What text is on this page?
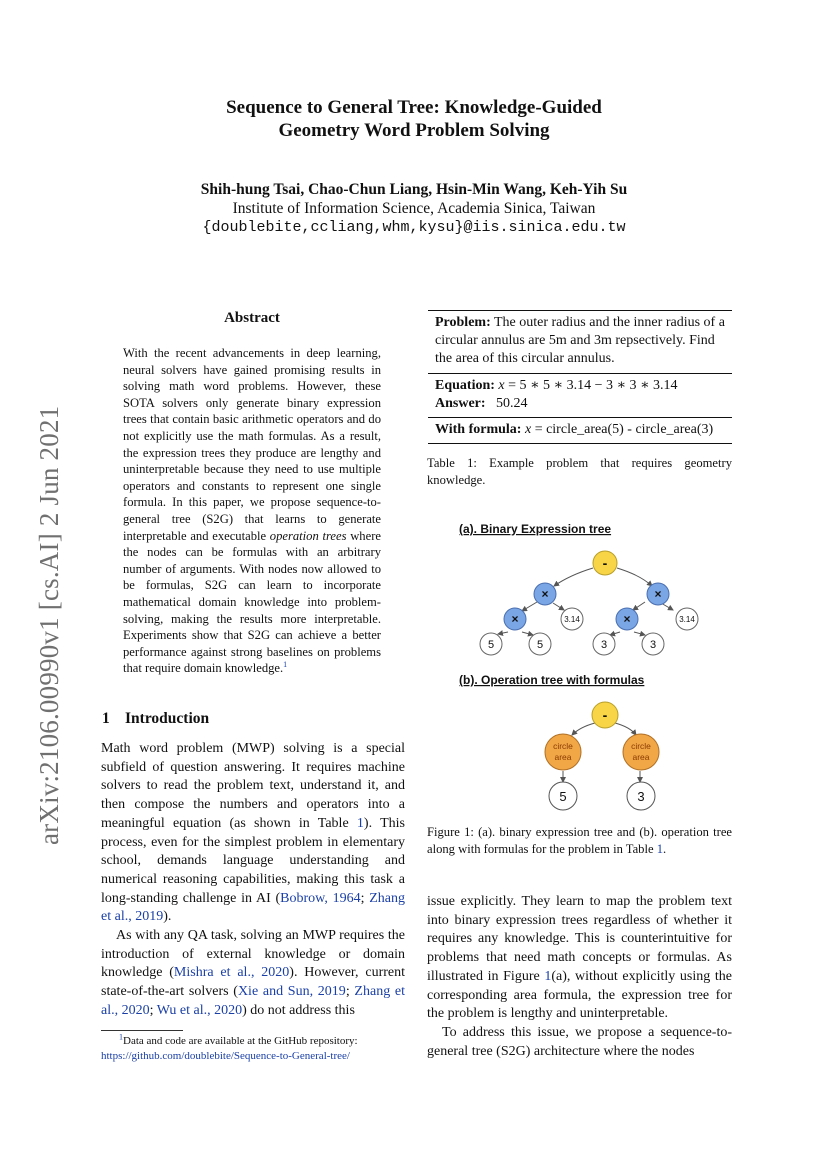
Sequence to General Tree: Knowledge-Guided
Geometry Word Problem Solving
Shih-hung Tsai, Chao-Chun Liang, Hsin-Min Wang, Keh-Yih Su
Institute of Information Science, Academia Sinica, Taiwan
{doublebite,ccliang,whm,kysu}@iis.sinica.edu.tw
arXiv:2106.00990v1 [cs.AI] 2 Jun 2021
Abstract
With the recent advancements in deep learning, neural solvers have gained promising results in solving math word problems. However, these SOTA solvers only generate binary expression trees that contain basic arithmetic operators and do not explicitly use the math formulas. As a result, the expression trees they produce are lengthy and uninterpretable because they need to use multiple operators and constants to represent one single formula. In this paper, we propose sequence-to-general tree (S2G) that learns to generate interpretable and executable operation trees where the nodes can be formulas with an arbitrary number of arguments. With nodes now allowed to be formulas, S2G can learn to incorporate mathematical domain knowledge into problem-solving, making the results more interpretable. Experiments show that S2G can achieve a better performance against strong baselines on problems that require domain knowledge.$^1$
1 Introduction

Math word problem (MWP) solving is a special subfield of question answering. It requires machine solvers to read the problem text, understand it, and then compose the numbers and operators into a meaningful equation (as shown in Table 1). This process, even for the simplest problem in elementary school, demands language understanding and numerical reasoning capabilities, making this task a long-standing challenge in AI (Bobrow, 1964; Zhang et al., 2019).

As with any QA task, solving an MWP requires the introduction of external knowledge or domain knowledge (Mishra et al., 2020). However, current state-of-the-art solvers (Xie and Sun, 2019; Zhang et al., 2020; Wu et al., 2020) do not address this

$^1$Data and code are available at the GitHub repository:
https://github.com/doublebite/Sequence-to-General-tree/
Problem: The outer radius and the inner radius of a circular annulus are 5m and 3m repsectively. Find the area of this circular annulus.
Equation: x = 5 ∗ 5 ∗ 3.14 − 3 ∗ 3 ∗ 3.14
Answer: 50.24
With formula: x = circle_area(5) - circle_area(3)
Table 1: Example problem that requires geometry knowledge.
(a). Binary Expression tree
-
×	×
×	3.14	×	3.14
5	5	3	3
(b). Operation tree with formulas
-
circle
area
circle
area
5	3
Figure 1: (a). binary expression tree and (b). operation tree along with formulas for the problem in Table 1.

issue explicitly. They learn to map the problem text into binary expression trees regardless of whether it requires any knowledge. This is counterintuitive for problems that need math concepts or formulas. As illustrated in Figure 1(a), without explicitly using the corresponding area formula, the expression tree for the problem is lengthy and uninterpretable.

To address this issue, we propose a sequence-to-general tree (S2G) architecture where the nodes
